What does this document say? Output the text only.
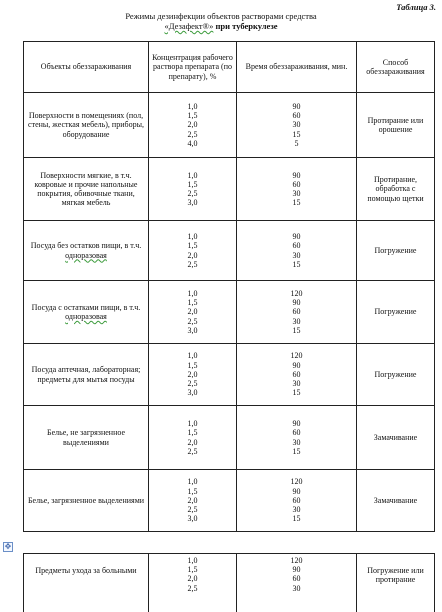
Таблица 3.
Режимы дезинфекции объектов растворами средства
«Дезафект®» при туберкулезе
Объекты обеззараживания	Концентрация рабочего раствора препарата (по препарату), %	Время обеззараживания, мин.	Способ обеззараживания
Поверхности в помещениях (пол, стены, жесткая мебель), приборы, оборудование	1,0
1,5
2,0
2,5
4,0	90
60
30
15
5	Протирание или орошение
Поверхности мягкие, в т.ч. ковровые и прочие напольные покрытия, обивочные ткани, мягкая мебель	1,0
1,5
2,5
3,0	90
60
30
15	Протирание, обработка с помощью щетки
Посуда без остатков пищи, в т.ч. одноразовая	1,0
1,5
2,0
2,5	90
60
30
15	Погружение
Посуда с остатками пищи, в т.ч. одноразовая	1,0
1,5
2,0
2,5
3,0	120
90
60
30
15	Погружение
Посуда аптечная, лабораторная; предметы для мытья посуды	1,0
1,5
2,0
2,5
3,0	120
90
60
30
15	Погружение
Белье, не загрязненное выделениями	1,0
1,5
2,0
2,5	90
60
30
15	Замачивание
Белье, загрязненное выделениями	1,0
1,5
2,0
2,5
3,0	120
90
60
30
15	Замачивание
✥
Предметы ухода за больными	1,0
1,5
2,0
2,5	120
90
60
30	Погружение или протирание
